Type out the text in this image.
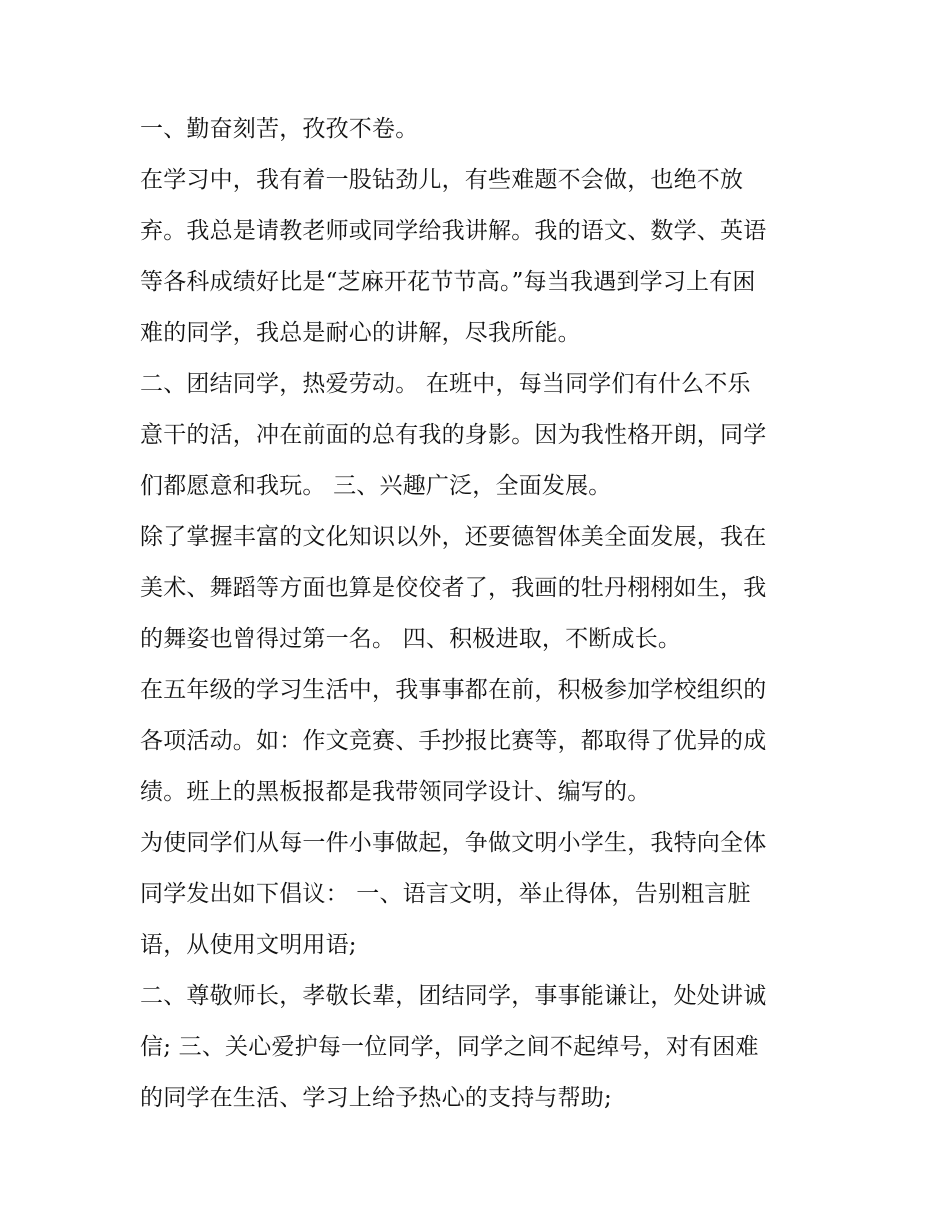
一、勤奋刻苦，孜孜不卷。
在学习中，我有着一股钻劲儿，有些难题不会做，也绝不放
弃。我总是请教老师或同学给我讲解。我的语文、数学、英语
等各科成绩好比是“芝麻开花节节高。”每当我遇到学习上有困
难的同学，我总是耐心的讲解，尽我所能。
二、团结同学，热爱劳动。 在班中，每当同学们有什么不乐
意干的活，冲在前面的总有我的身影。因为我性格开朗，同学
们都愿意和我玩。 三、兴趣广泛，全面发展。
除了掌握丰富的文化知识以外，还要德智体美全面发展，我在
美术、舞蹈等方面也算是佼佼者了，我画的牡丹栩栩如生，我
的舞姿也曾得过第一名。 四、积极进取，不断成长。
在五年级的学习生活中，我事事都在前，积极参加学校组织的
各项活动。如：作文竞赛、手抄报比赛等，都取得了优异的成
绩。班上的黑板报都是我带领同学设计、编写的。
为使同学们从每一件小事做起，争做文明小学生，我特向全体
同学发出如下倡议： 一、语言文明，举止得体，告别粗言脏
语，从使用文明用语;
二、尊敬师长，孝敬长辈，团结同学，事事能谦让，处处讲诚
信; 三、关心爱护每一位同学，同学之间不起绰号，对有困难
的同学在生活、学习上给予热心的支持与帮助;
